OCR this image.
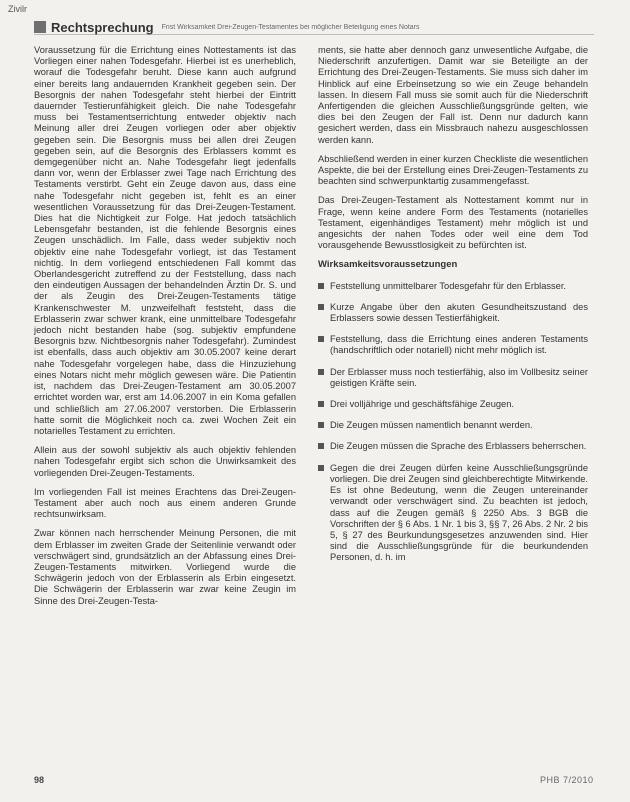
Zivilr
Rechtsprechung Frist Wirksamkeit Drei-Zeugen-Testamentes bei möglicher Beteiligung eines Notars

Voraussetzung für die Errichtung eines Nottestaments ist das Vorliegen einer nahen Todesgefahr. Hierbei ist es unerheblich, worauf die Todesgefahr beruht. Diese kann auch aufgrund einer bereits lang andauernden Krankheit gegeben sein. Der Besorgnis der nahen Todesgefahr steht hierbei der Eintritt dauernder Testierunfähigkeit gleich. Die nahe Todesgefahr muss bei Testamentserrichtung entweder objektiv nach Meinung aller drei Zeugen vorliegen oder aber objektiv gegeben sein. Die Besorgnis muss bei allen drei Zeugen gegeben sein, auf die Besorgnis des Erblassers kommt es demgegenüber nicht an. Nahe Todesgefahr liegt jedenfalls dann vor, wenn der Erblasser zwei Tage nach Errichtung des Testaments verstirbt. Geht ein Zeuge davon aus, dass eine nahe Todesgefahr nicht gegeben ist, fehlt es an einer wesentlichen Voraussetzung für das Drei-Zeugen-Testament. Dies hat die Nichtigkeit zur Folge. Hat jedoch tatsächlich Lebensgefahr bestanden, ist die fehlende Besorgnis eines Zeugen unschädlich. Im Falle, dass weder subjektiv noch objektiv eine nahe Todesgefahr vorliegt, ist das Testament nichtig. In dem vorliegend entschiedenen Fall kommt das Oberlandesgericht zutreffend zu der Feststellung, dass nach den eindeutigen Aussagen der behandelnden Ärztin Dr. S. und der als Zeugin des Drei-Zeugen-Testaments tätige Krankenschwester M. unzweifelhaft feststeht, dass die Erblasserin zwar schwer krank, eine unmittelbare Todesgefahr jedoch nicht bestanden habe (sog. subjektiv empfundene Besorgnis bzw. Nichtbesorgnis naher Todesgefahr). Zumindest ist ebenfalls, dass auch objektiv am 30.05.2007 keine derart nahe Todesgefahr vorgelegen habe, dass die Hinzuziehung eines Notars nicht mehr möglich gewesen wäre. Die Patientin ist, nachdem das Drei-Zeugen-Testament am 30.05.2007 errichtet worden war, erst am 14.06.2007 in ein Koma gefallen und schließlich am 27.06.2007 verstorben. Die Erblasserin hatte somit die Möglichkeit noch ca. zwei Wochen Zeit ein notarielles Testament zu errichten.

Allein aus der sowohl subjektiv als auch objektiv fehlenden nahen Todesgefahr ergibt sich schon die Unwirksamkeit des vorliegenden Drei-Zeugen-Testaments.

Im vorliegenden Fall ist meines Erachtens das Drei-Zeugen-Testament aber auch noch aus einem anderen Grunde rechtsunwirksam.

Zwar können nach herrschender Meinung Personen, die mit dem Erblasser im zweiten Grade der Seitenlinie verwandt oder verschwägert sind, grundsätzlich an der Abfassung eines Drei-Zeugen-Testaments mitwirken. Vorliegend wurde die Schwägerin jedoch von der Erblasserin als Erbin eingesetzt. Die Schwägerin der Erblasserin war zwar keine Zeugin im Sinne des Drei-Zeugen-Testa-

ments, sie hatte aber dennoch ganz unwesentliche Aufgabe, die Niederschrift anzufertigen. Damit war sie Beteiligte an der Errichtung des Drei-Zeugen-Testaments. Sie muss sich daher im Hinblick auf eine Erbeinsetzung so wie ein Zeuge behandeln lassen. In diesem Fall muss sie somit auch für die Niederschrift Anfertigenden die gleichen Ausschließungsgründe gelten, wie dies bei den Zeugen der Fall ist. Denn nur dadurch kann gesichert werden, dass ein Missbrauch nahezu ausgeschlossen werden kann.

Abschließend werden in einer kurzen Checkliste die wesentlichen Aspekte, die bei der Erstellung eines Drei-Zeugen-Testaments zu beachten sind schwerpunktartig zusammengefasst.

Das Drei-Zeugen-Testament als Nottestament kommt nur in Frage, wenn keine andere Form des Testaments (notarielles Testament, eigenhändiges Testament) mehr möglich ist und angesichts der nahen Todes oder weil eine dem Tod vorausgehende Bewusstlosigkeit zu befürchten ist.

Wirksamkeitsvoraussetzungen
Feststellung unmittelbarer Todesgefahr für den Erblasser.
Kurze Angabe über den akuten Gesundheitszustand des Erblassers sowie dessen Testierfähigkeit.
Feststellung, dass die Errichtung eines anderen Testaments (handschriftlich oder notariell) nicht mehr möglich ist.
Der Erblasser muss noch testierfähig, also im Vollbesitz seiner geistigen Kräfte sein.
Drei volljährige und geschäftsfähige Zeugen.
Die Zeugen müssen namentlich benannt werden.
Die Zeugen müssen die Sprache des Erblassers beherrschen.
Gegen die drei Zeugen dürfen keine Ausschließungsgründe vorliegen. Die drei Zeugen sind gleichberechtigte Mitwirkende. Es ist ohne Bedeutung, wenn die Zeugen untereinander verwandt oder verschwägert sind. Zu beachten ist jedoch, dass auf die Zeugen gemäß § 2250 Abs. 3 BGB die Vorschriften der § 6 Abs. 1 Nr. 1 bis 3, §§ 7, 26 Abs. 2 Nr. 2 bis 5, § 27 des Beurkundungsgesetzes anzuwenden sind. Hier sind die Ausschließungsgründe für die beurkundenden Personen, d. h. im
98	PHB 7/2010
